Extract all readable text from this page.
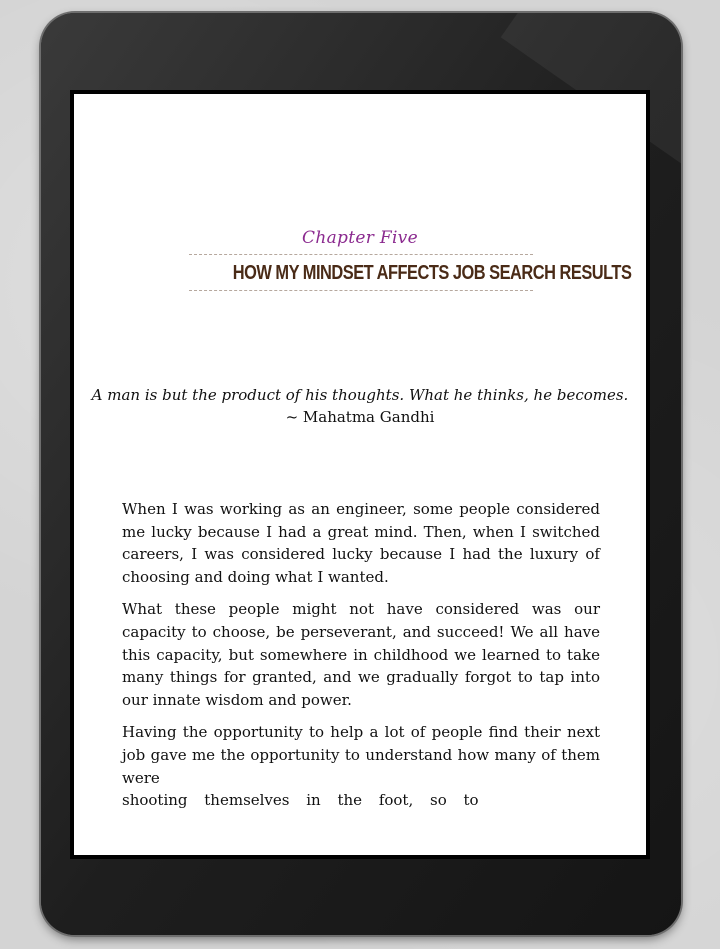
Chapter Five
HOW MY MINDSET AFFECTS JOB SEARCH RESULTS
A man is but the product of his thoughts. What he thinks, he becomes.
~ Mahatma Gandhi

When I was working as an engineer, some people considered me lucky because I had a great mind. Then, when I switched careers, I was considered lucky because I had the luxury of choosing and doing what I wanted.

What these people might not have considered was our capacity to choose, be perseverant, and succeed! We all have this capacity, but somewhere in childhood we learned to take many things for granted, and we gradually forgot to tap into our innate wisdom and power.

Having the opportunity to help a lot of people find their next job gave me the opportunity to understand how many of them were

shooting themselves in the foot, so to
